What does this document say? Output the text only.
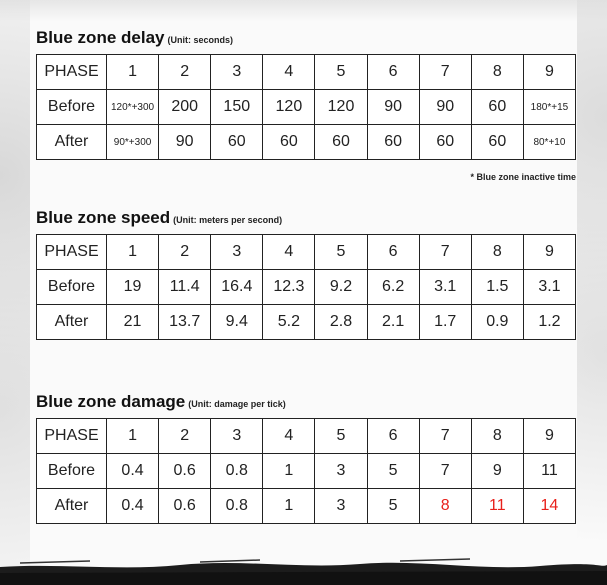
Blue zone delay (Unit: seconds)
PHASE	1	2	3	4	5	6	7	8	9
Before	120*+300	200	150	120	120	90	90	60	180*+15
After	90*+300	90	60	60	60	60	60	60	80*+10
* Blue zone inactive time
Blue zone speed (Unit: meters per second)
PHASE	1	2	3	4	5	6	7	8	9
Before	19	11.4	16.4	12.3	9.2	6.2	3.1	1.5	3.1
After	21	13.7	9.4	5.2	2.8	2.1	1.7	0.9	1.2
Blue zone damage (Unit: damage per tick)
PHASE	1	2	3	4	5	6	7	8	9
Before	0.4	0.6	0.8	1	3	5	7	9	11
After	0.4	0.6	0.8	1	3	5	8	11	14
